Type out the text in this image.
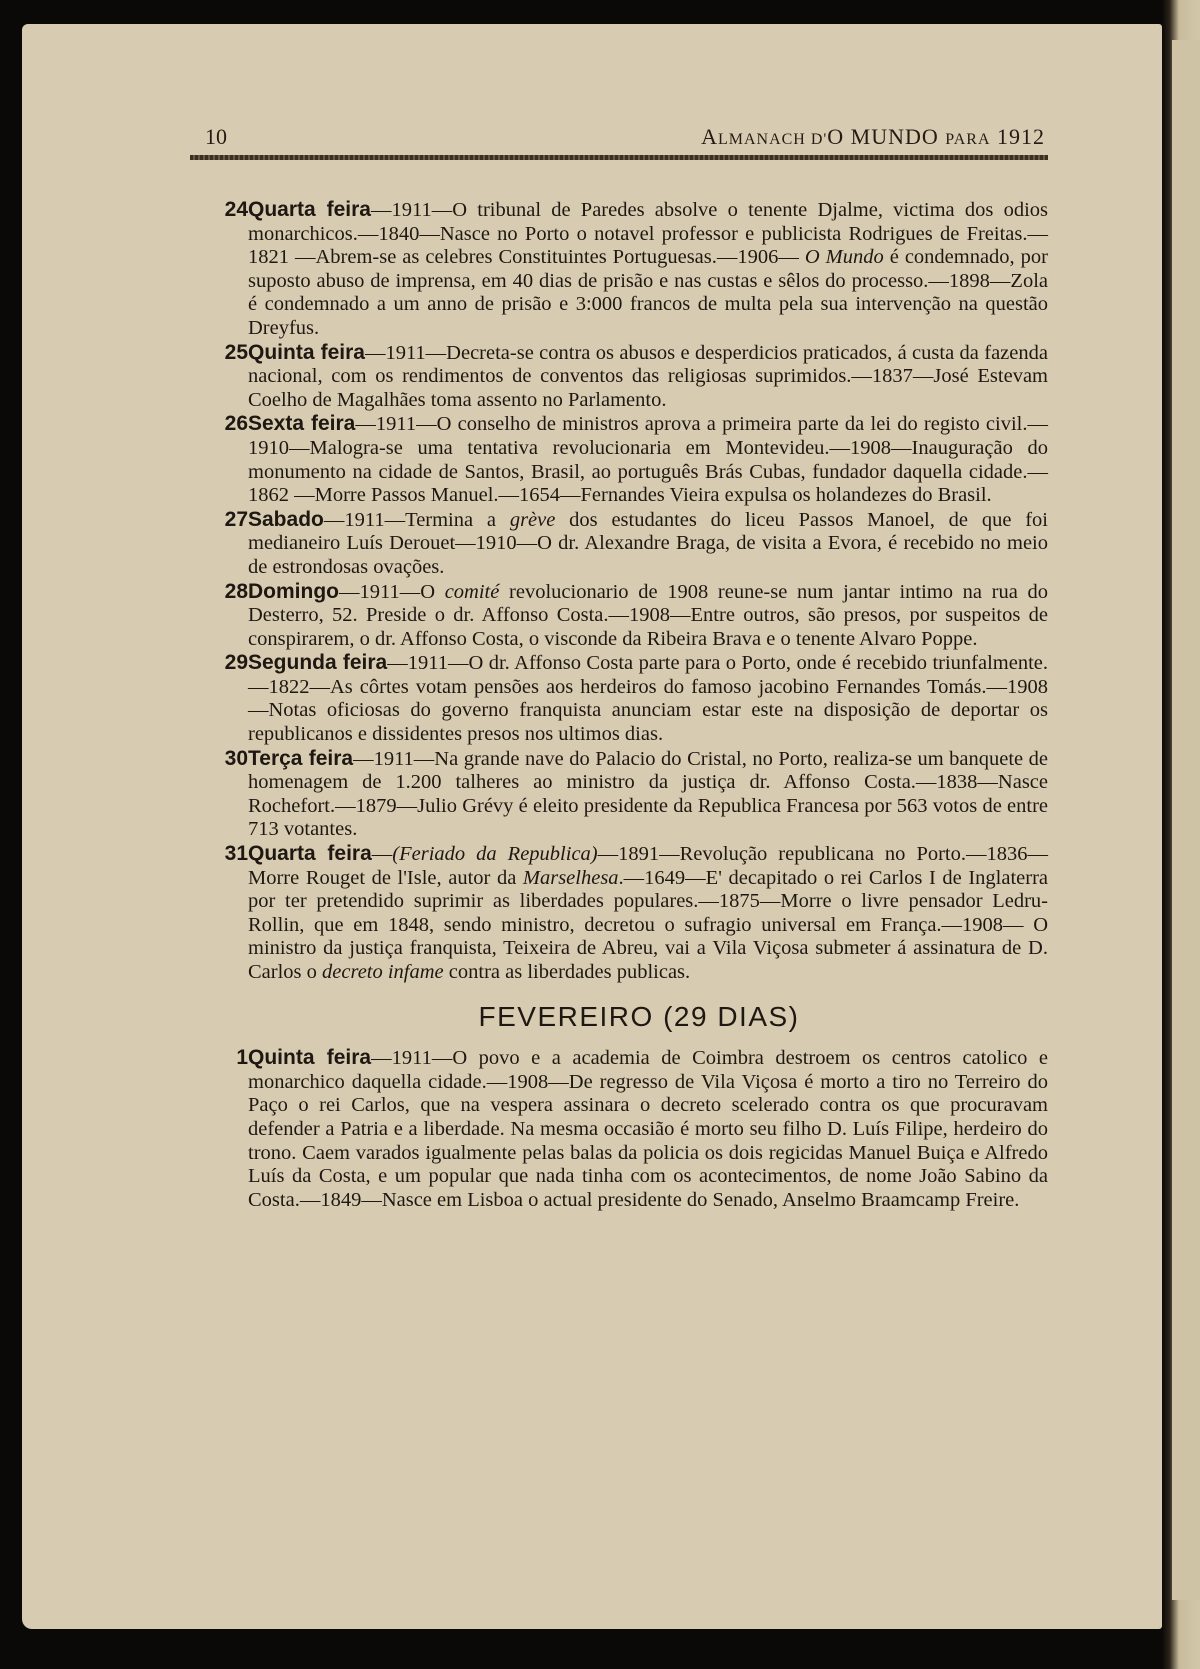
10	ALMANACH D'O MUNDO PARA 1912
24 Quarta feira—1911—O tribunal de Paredes absolve o tenente Djalme, victima dos odios monarchicos.—1840—Nasce no Porto o notavel professor e publicista Rodrigues de Freitas.— 1821 —Abrem-se as celebres Constituintes Portuguesas.—1906— O Mundo é condemnado, por suposto abuso de imprensa, em 40 dias de prisão e nas custas e sêlos do processo.—1898—Zola é condemnado a um anno de prisão e 3:000 francos de multa pela sua intervenção na questão Dreyfus.
25 Quinta feira—1911—Decreta-se contra os abusos e desperdicios praticados, á custa da fazenda nacional, com os rendimentos de conventos das religiosas suprimidos.—1837—José Estevam Coelho de Magalhães toma assento no Parlamento.
26 Sexta feira—1911—O conselho de ministros aprova a primeira parte da lei do registo civil.—1910—Malogra-se uma tentativa revolucionaria em Montevideu.—1908—Inauguração do monumento na cidade de Santos, Brasil, ao português Brás Cubas, fundador daquella cidade.—1862 —Morre Passos Manuel.—1654—Fernandes Vieira expulsa os holandezes do Brasil.
27 Sabado—1911—Termina a grève dos estudantes do liceu Passos Manoel, de que foi medianeiro Luís Derouet—1910—O dr. Alexandre Braga, de visita a Evora, é recebido no meio de estrondosas ovações.
28 Domingo—1911—O comité revolucionario de 1908 reune-se num jantar intimo na rua do Desterro, 52. Preside o dr. Affonso Costa.—1908—Entre outros, são presos, por suspeitos de conspirarem, o dr. Affonso Costa, o visconde da Ribeira Brava e o tenente Alvaro Poppe.
29 Segunda feira—1911—O dr. Affonso Costa parte para o Porto, onde é recebido triunfalmente.—1822—As côrtes votam pensões aos herdeiros do famoso jacobino Fernandes Tomás.—1908—Notas oficiosas do governo franquista anunciam estar este na disposição de deportar os republicanos e dissidentes presos nos ultimos dias.
30 Terça feira—1911—Na grande nave do Palacio do Cristal, no Porto, realiza-se um banquete de homenagem de 1.200 talheres ao ministro da justiça dr. Affonso Costa.—1838—Nasce Rochefort.—1879—Julio Grévy é eleito presidente da Republica Francesa por 563 votos de entre 713 votantes.
31 Quarta feira—(Feriado da Republica)—1891—Revolução republicana no Porto.—1836—Morre Rouget de l'Isle, autor da Marselhesa.—1649—E' decapitado o rei Carlos I de Inglaterra por ter pretendido suprimir as liberdades populares.—1875—Morre o livre pensador Ledru-Rollin, que em 1848, sendo ministro, decretou o sufragio universal em França.—1908— O ministro da justiça franquista, Teixeira de Abreu, vai a Vila Viçosa submeter á assinatura de D. Carlos o decreto infame contra as liberdades publicas.
FEVEREIRO (29 DIAS)
1 Quinta feira—1911—O povo e a academia de Coimbra destroem os centros catolico e monarchico daquella cidade.—1908—De regresso de Vila Viçosa é morto a tiro no Terreiro do Paço o rei Carlos, que na vespera assinara o decreto scelerado contra os que procuravam defender a Patria e a liberdade. Na mesma occasião é morto seu filho D. Luís Filipe, herdeiro do trono. Caem varados igualmente pelas balas da policia os dois regicidas Manuel Buiça e Alfredo Luís da Costa, e um popular que nada tinha com os acontecimentos, de nome João Sabino da Costa.—1849—Nasce em Lisboa o actual presidente do Senado, Anselmo Braamcamp Freire.
